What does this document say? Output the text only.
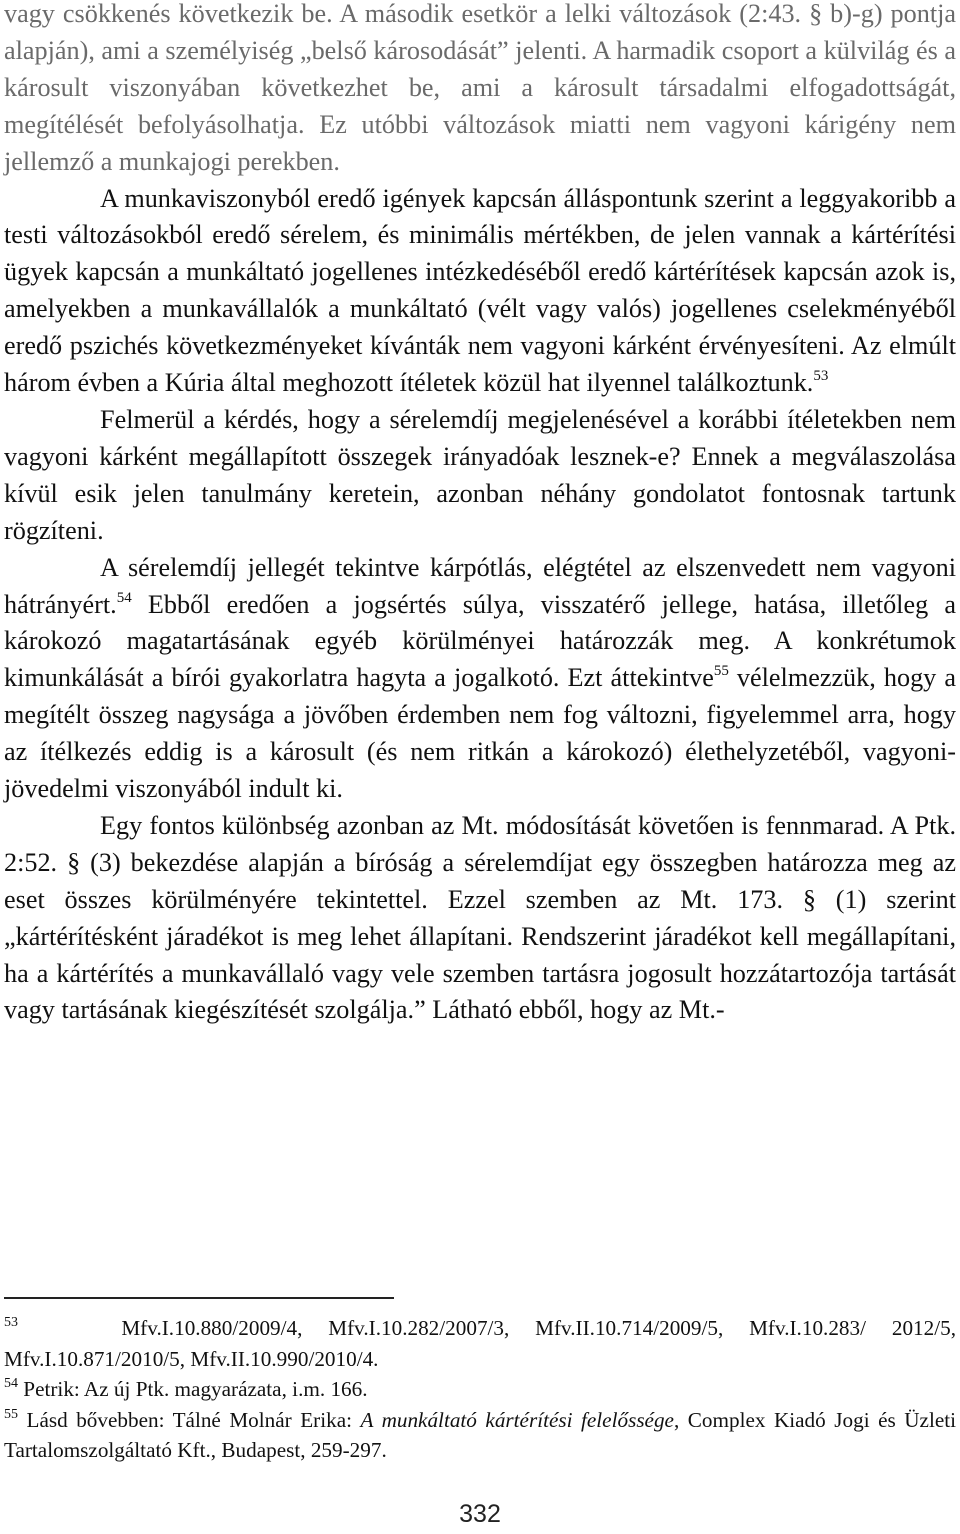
vagy csökkenés következik be. A második esetkör a lelki változások (2:43. § b)-g) pontja alapján), ami a személyiség „belső károsodását” jelenti. A harmadik csoport a külvilág és a károsult viszonyában következhet be, ami a károsult társadalmi elfogadottságát, megítélését befolyásolhatja. Ez utóbbi változások miatti nem vagyoni kárigény nem jellemző a munkajogi perekben.

A munkaviszonyból eredő igények kapcsán álláspontunk szerint a leggyakoribb a testi változásokból eredő sérelem, és minimális mértékben, de jelen vannak a kártérítési ügyek kapcsán a munkáltató jogellenes intézkedéséből eredő kártérítések kapcsán azok is, amelyekben a munkavállalók a munkáltató (vélt vagy valós) jogellenes cselekményéből eredő pszichés következményeket kívánták nem vagyoni kárként érvényesíteni. Az elmúlt három évben a Kúria által meghozott ítéletek közül hat ilyennel találkoztunk.$^{53}$

Felmerül a kérdés, hogy a sérelemdíj megjelenésével a korábbi ítéletekben nem vagyoni kárként megállapított összegek irányadóak lesznek-e? Ennek a megválaszolása kívül esik jelen tanulmány keretein, azonban néhány gondolatot fontosnak tartunk rögzíteni.

A sérelemdíj jellegét tekintve kárpótlás, elégtétel az elszenvedett nem vagyoni hátrányért.$^{54}$ Ebből eredően a jogsértés súlya, visszatérő jellege, hatása, illetőleg a károkozó magatartásának egyéb körülményei határozzák meg. A konkrétumok kimunkálását a bírói gyakorlatra hagyta a jogalkotó. Ezt áttekintve$^{55}$ vélelmezzük, hogy a megítélt összeg nagysága a jövőben érdemben nem fog változni, figyelemmel arra, hogy az ítélkezés eddig is a károsult (és nem ritkán a károkozó) élethelyzetéből, vagyoni-jövedelmi viszonyából indult ki.

Egy fontos különbség azonban az Mt. módosítását követően is fennmarad. A Ptk. 2:52. § (3) bekezdése alapján a bíróság a sérelemdíjat egy összegben határozza meg az eset összes körülményére tekintettel. Ezzel szemben az Mt. 173. § (1) szerint „kártérítésként járadékot is meg lehet állapítani. Rendszerint járadékot kell megállapítani, ha a kártérítés a munkavállaló vagy vele szemben tartásra jogosult hozzátartozója tartását vagy tartásának kiegészítését szolgálja.” Látható ebből, hogy az Mt.-

$^{53}$	Mfv.I.10.880/2009/4, Mfv.I.10.282/2007/3, Mfv.II.10.714/2009/5, Mfv.I.10.283/ 2012/5, Mfv.I.10.871/2010/5, Mfv.II.10.990/2010/4.

$^{54}$ Petrik: Az új Ptk. magyarázata, i.m. 166.

$^{55}$ Lásd bővebben: Tálné Molnár Erika: A munkáltató kártérítési felelőssége, Complex Kiadó Jogi és Üzleti Tartalomszolgáltató Kft., Budapest, 259-297.

332
